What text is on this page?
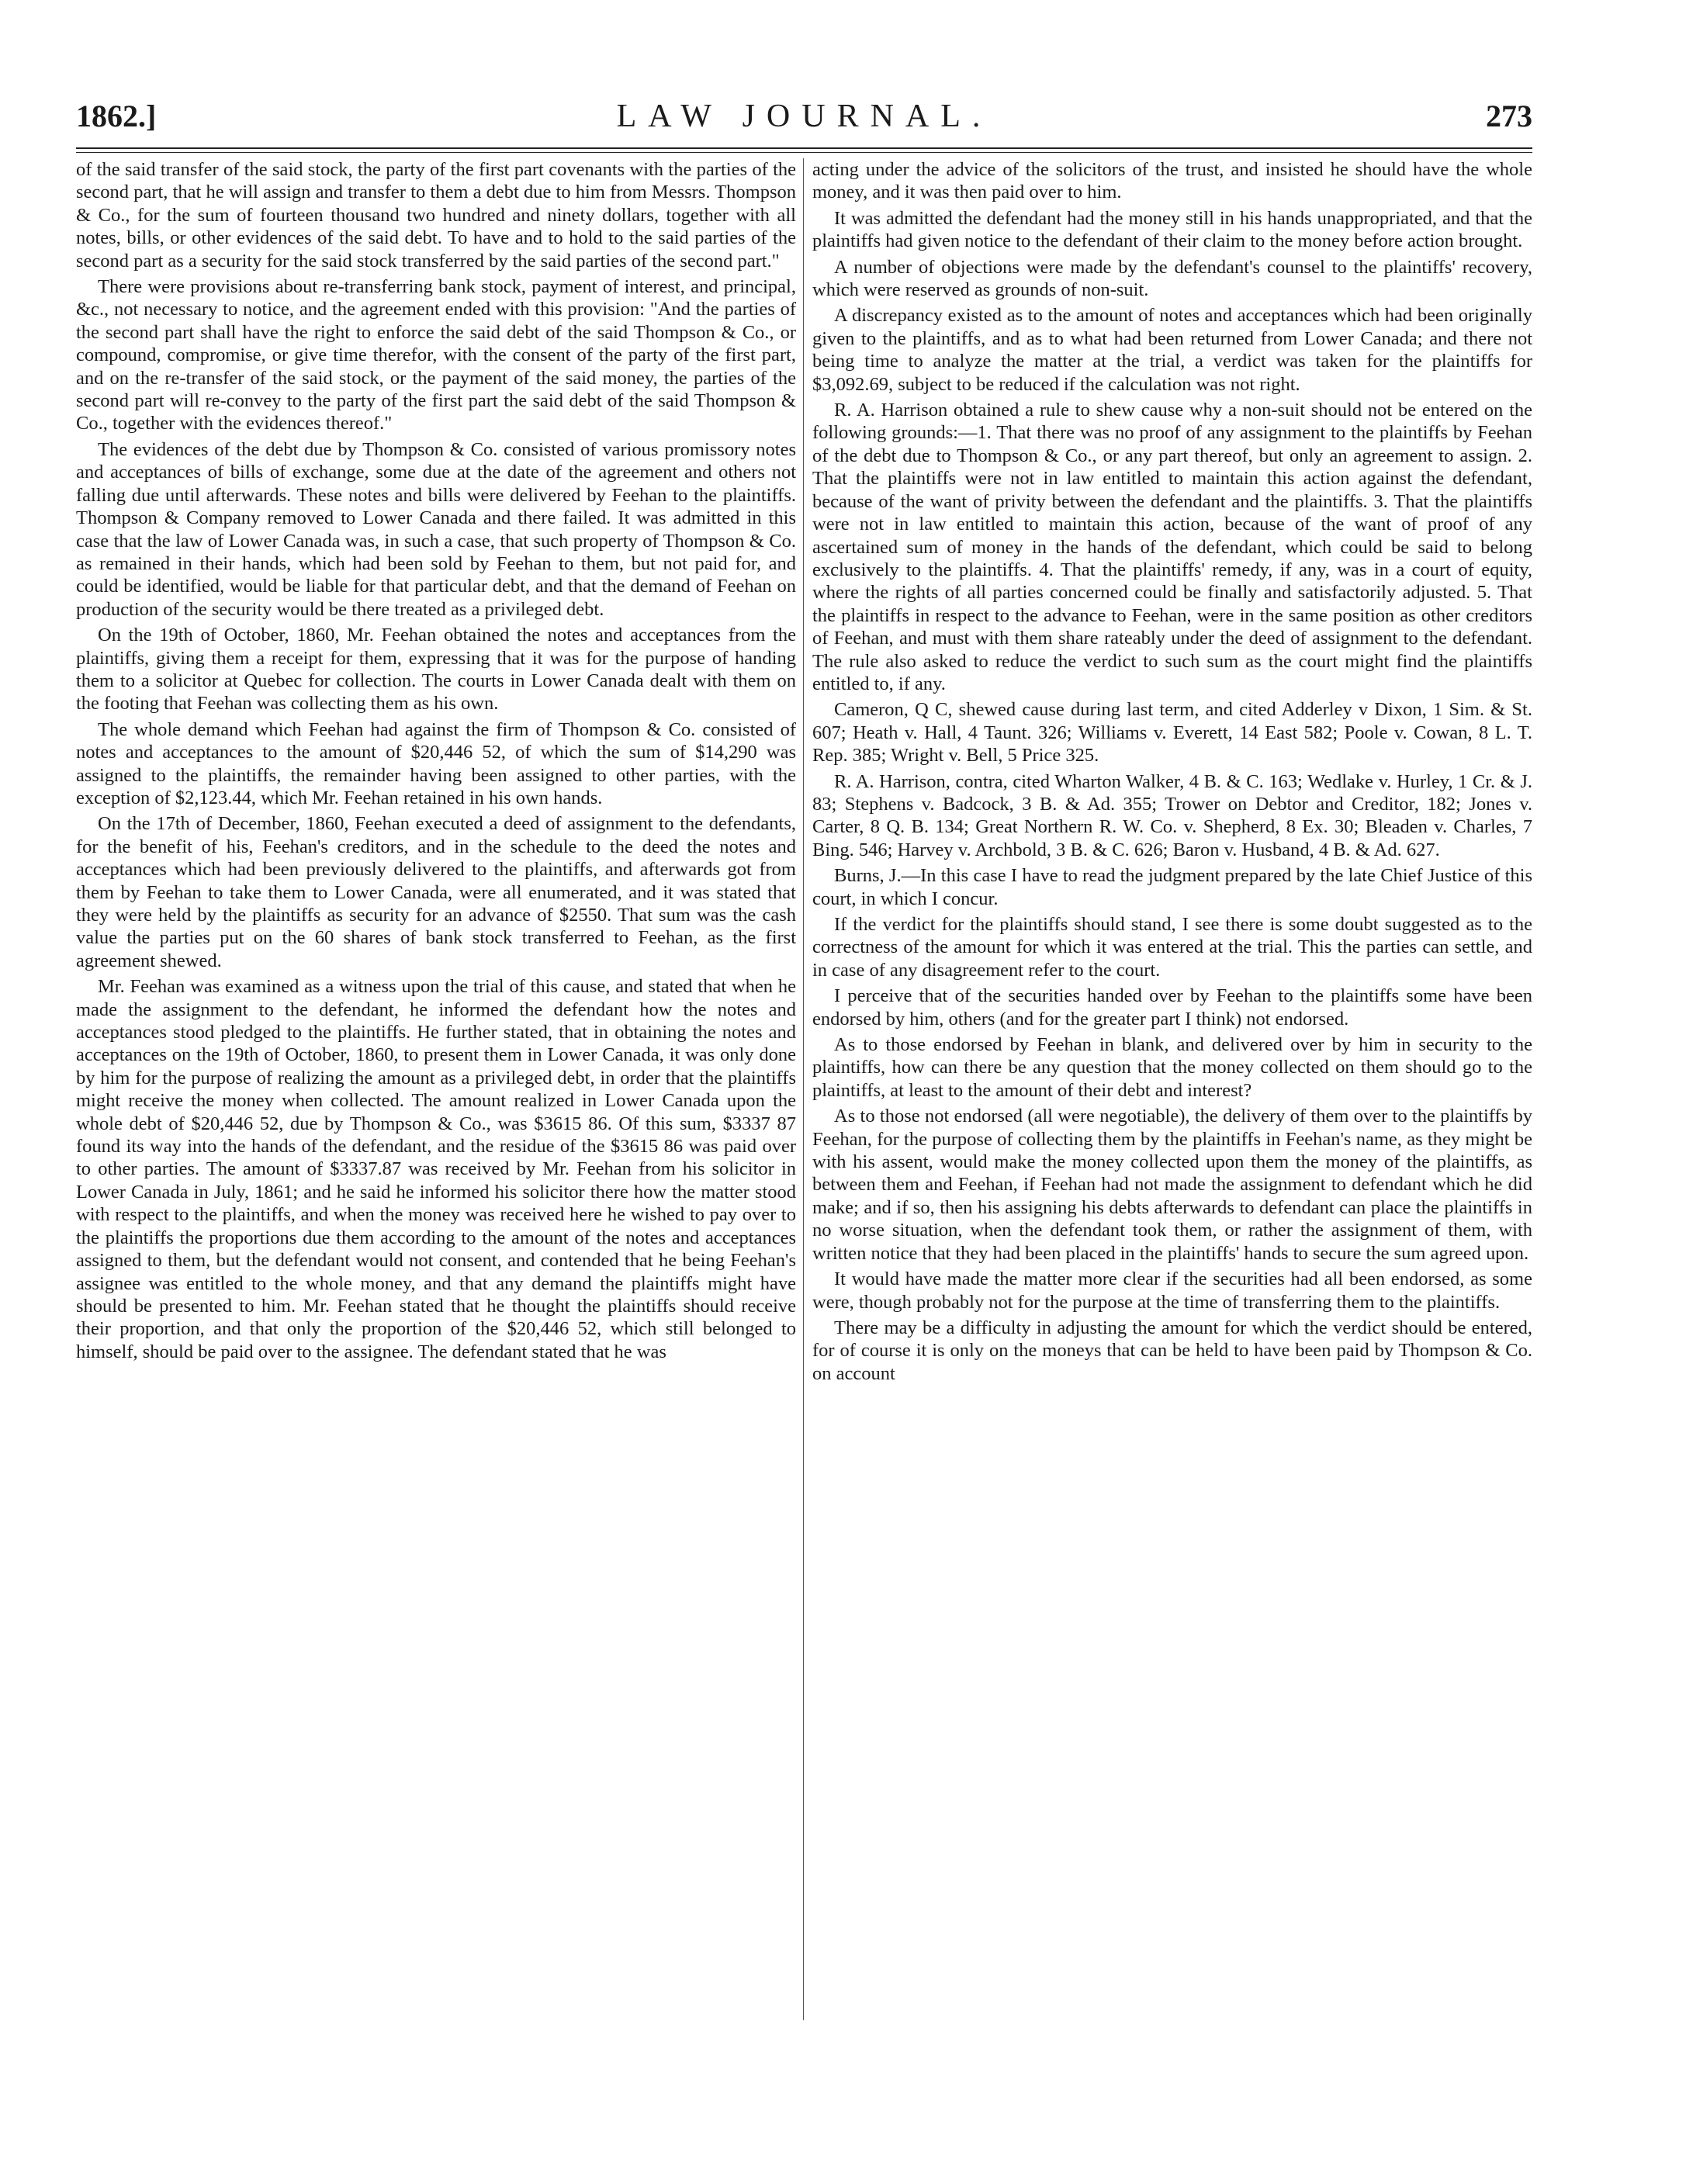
1862.]	LAW JOURNAL.	273

of the said transfer of the said stock, the party of the first part covenants with the parties of the second part, that he will assign and transfer to them a debt due to him from Messrs. Thompson & Co., for the sum of fourteen thousand two hundred and ninety dollars, together with all notes, bills, or other evidences of the said debt. To have and to hold to the said parties of the second part as a security for the said stock transferred by the said parties of the second part."

There were provisions about re-transferring bank stock, payment of interest, and principal, &c., not necessary to notice, and the agreement ended with this provision: "And the parties of the second part shall have the right to enforce the said debt of the said Thompson & Co., or compound, compromise, or give time therefor, with the consent of the party of the first part, and on the re-transfer of the said stock, or the payment of the said money, the parties of the second part will re-convey to the party of the first part the said debt of the said Thompson & Co., together with the evidences thereof."

The evidences of the debt due by Thompson & Co. consisted of various promissory notes and acceptances of bills of exchange, some due at the date of the agreement and others not falling due until afterwards. These notes and bills were delivered by Feehan to the plaintiffs. Thompson & Company removed to Lower Canada and there failed. It was admitted in this case that the law of Lower Canada was, in such a case, that such property of Thompson & Co. as remained in their hands, which had been sold by Feehan to them, but not paid for, and could be identified, would be liable for that particular debt, and that the demand of Feehan on production of the security would be there treated as a privileged debt.

On the 19th of October, 1860, Mr. Feehan obtained the notes and acceptances from the plaintiffs, giving them a receipt for them, expressing that it was for the purpose of handing them to a solicitor at Quebec for collection. The courts in Lower Canada dealt with them on the footing that Feehan was collecting them as his own.

The whole demand which Feehan had against the firm of Thompson & Co. consisted of notes and acceptances to the amount of $20,446 52, of which the sum of $14,290 was assigned to the plaintiffs, the remainder having been assigned to other parties, with the exception of $2,123.44, which Mr. Feehan retained in his own hands.

On the 17th of December, 1860, Feehan executed a deed of assignment to the defendants, for the benefit of his, Feehan's creditors, and in the schedule to the deed the notes and acceptances which had been previously delivered to the plaintiffs, and afterwards got from them by Feehan to take them to Lower Canada, were all enumerated, and it was stated that they were held by the plaintiffs as security for an advance of $2550. That sum was the cash value the parties put on the 60 shares of bank stock transferred to Feehan, as the first agreement shewed.

Mr. Feehan was examined as a witness upon the trial of this cause, and stated that when he made the assignment to the defendant, he informed the defendant how the notes and acceptances stood pledged to the plaintiffs. He further stated, that in obtaining the notes and acceptances on the 19th of October, 1860, to present them in Lower Canada, it was only done by him for the purpose of realizing the amount as a privileged debt, in order that the plaintiffs might receive the money when collected. The amount realized in Lower Canada upon the whole debt of $20,446 52, due by Thompson & Co., was $3615 86. Of this sum, $3337 87 found its way into the hands of the defendant, and the residue of the $3615 86 was paid over to other parties. The amount of $3337.87 was received by Mr. Feehan from his solicitor in Lower Canada in July, 1861; and he said he informed his solicitor there how the matter stood with respect to the plaintiffs, and when the money was received here he wished to pay over to the plaintiffs the proportions due them according to the amount of the notes and acceptances assigned to them, but the defendant would not consent, and contended that he being Feehan's assignee was entitled to the whole money, and that any demand the plaintiffs might have should be presented to him. Mr. Feehan stated that he thought the plaintiffs should receive their proportion, and that only the proportion of the $20,446 52, which still belonged to himself, should be paid over to the assignee. The defendant stated that he was

acting under the advice of the solicitors of the trust, and insisted he should have the whole money, and it was then paid over to him.

It was admitted the defendant had the money still in his hands unappropriated, and that the plaintiffs had given notice to the defendant of their claim to the money before action brought.

A number of objections were made by the defendant's counsel to the plaintiffs' recovery, which were reserved as grounds of non-suit.

A discrepancy existed as to the amount of notes and acceptances which had been originally given to the plaintiffs, and as to what had been returned from Lower Canada; and there not being time to analyze the matter at the trial, a verdict was taken for the plaintiffs for $3,092.69, subject to be reduced if the calculation was not right.

R. A. Harrison obtained a rule to shew cause why a non-suit should not be entered on the following grounds:—1. That there was no proof of any assignment to the plaintiffs by Feehan of the debt due to Thompson & Co., or any part thereof, but only an agreement to assign. 2. That the plaintiffs were not in law entitled to maintain this action against the defendant, because of the want of privity between the defendant and the plaintiffs. 3. That the plaintiffs were not in law entitled to maintain this action, because of the want of proof of any ascertained sum of money in the hands of the defendant, which could be said to belong exclusively to the plaintiffs. 4. That the plaintiffs' remedy, if any, was in a court of equity, where the rights of all parties concerned could be finally and satisfactorily adjusted. 5. That the plaintiffs in respect to the advance to Feehan, were in the same position as other creditors of Feehan, and must with them share rateably under the deed of assignment to the defendant. The rule also asked to reduce the verdict to such sum as the court might find the plaintiffs entitled to, if any.

Cameron, Q C, shewed cause during last term, and cited Adderley v Dixon, 1 Sim. & St. 607; Heath v. Hall, 4 Taunt. 326; Williams v. Everett, 14 East 582; Poole v. Cowan, 8 L. T. Rep. 385; Wright v. Bell, 5 Price 325.

R. A. Harrison, contra, cited Wharton Walker, 4 B. & C. 163; Wedlake v. Hurley, 1 Cr. & J. 83; Stephens v. Badcock, 3 B. & Ad. 355; Trower on Debtor and Creditor, 182; Jones v. Carter, 8 Q. B. 134; Great Northern R. W. Co. v. Shepherd, 8 Ex. 30; Bleaden v. Charles, 7 Bing. 546; Harvey v. Archbold, 3 B. & C. 626; Baron v. Husband, 4 B. & Ad. 627.

Burns, J.—In this case I have to read the judgment prepared by the late Chief Justice of this court, in which I concur.

If the verdict for the plaintiffs should stand, I see there is some doubt suggested as to the correctness of the amount for which it was entered at the trial. This the parties can settle, and in case of any disagreement refer to the court.

I perceive that of the securities handed over by Feehan to the plaintiffs some have been endorsed by him, others (and for the greater part I think) not endorsed.

As to those endorsed by Feehan in blank, and delivered over by him in security to the plaintiffs, how can there be any question that the money collected on them should go to the plaintiffs, at least to the amount of their debt and interest?

As to those not endorsed (all were negotiable), the delivery of them over to the plaintiffs by Feehan, for the purpose of collecting them by the plaintiffs in Feehan's name, as they might be with his assent, would make the money collected upon them the money of the plaintiffs, as between them and Feehan, if Feehan had not made the assignment to defendant which he did make; and if so, then his assigning his debts afterwards to defendant can place the plaintiffs in no worse situation, when the defendant took them, or rather the assignment of them, with written notice that they had been placed in the plaintiffs' hands to secure the sum agreed upon.

It would have made the matter more clear if the securities had all been endorsed, as some were, though probably not for the purpose at the time of transferring them to the plaintiffs.

There may be a difficulty in adjusting the amount for which the verdict should be entered, for of course it is only on the moneys that can be held to have been paid by Thompson & Co. on account
